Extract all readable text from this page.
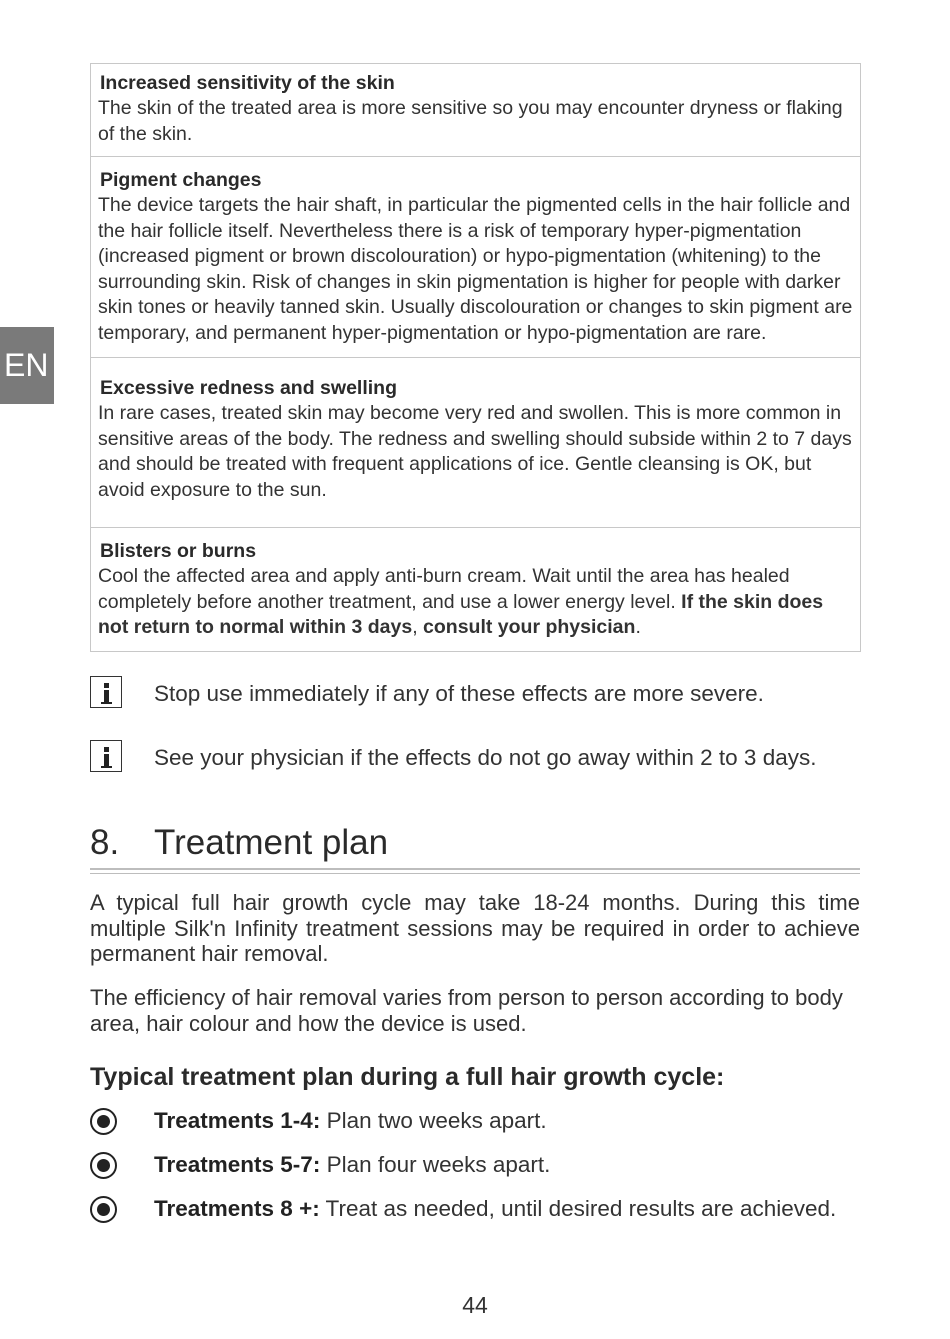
EN
Increased sensitivity of the skin
The skin of the treated area is more sensitive so you may encounter dryness or flaking of the skin.
Pigment changes
The device targets the hair shaft, in particular the pigmented cells in the hair follicle and the hair follicle itself. Nevertheless there is a risk of temporary hyper-pigmentation (increased pigment or brown discolouration) or hypo-pigmentation (whitening) to the surrounding skin. Risk of changes in skin pigmentation is higher for people with darker skin tones or heavily tanned skin. Usually discolouration or changes to skin pigment are temporary, and permanent hyper-pigmentation or hypo-pigmentation are rare.
Excessive redness and swelling
In rare cases, treated skin may become very red and swollen. This is more common in sensitive areas of the body. The redness and swelling should subside within 2 to 7 days and should be treated with frequent applications of ice. Gentle cleansing is OK, but avoid exposure to the sun.
Blisters or burns
Cool the affected area and apply anti-burn cream. Wait until the area has healed completely before another treatment, and use a lower energy level. If the skin does not return to normal within 3 days, consult your physician.
Stop use immediately if any of these effects are more severe.
See your physician if the effects do not go away within 2 to 3 days.
8. Treatment plan
A typical full hair growth cycle may take 18-24 months. During this time multiple Silk'n Infinity treatment sessions may be required in order to achieve permanent hair removal.
The efficiency of hair removal varies from person to person according to body area, hair colour and how the device is used.
Typical treatment plan during a full hair growth cycle:
Treatments 1-4: Plan two weeks apart.
Treatments 5-7: Plan four weeks apart.
Treatments 8 +: Treat as needed, until desired results are achieved.
44
